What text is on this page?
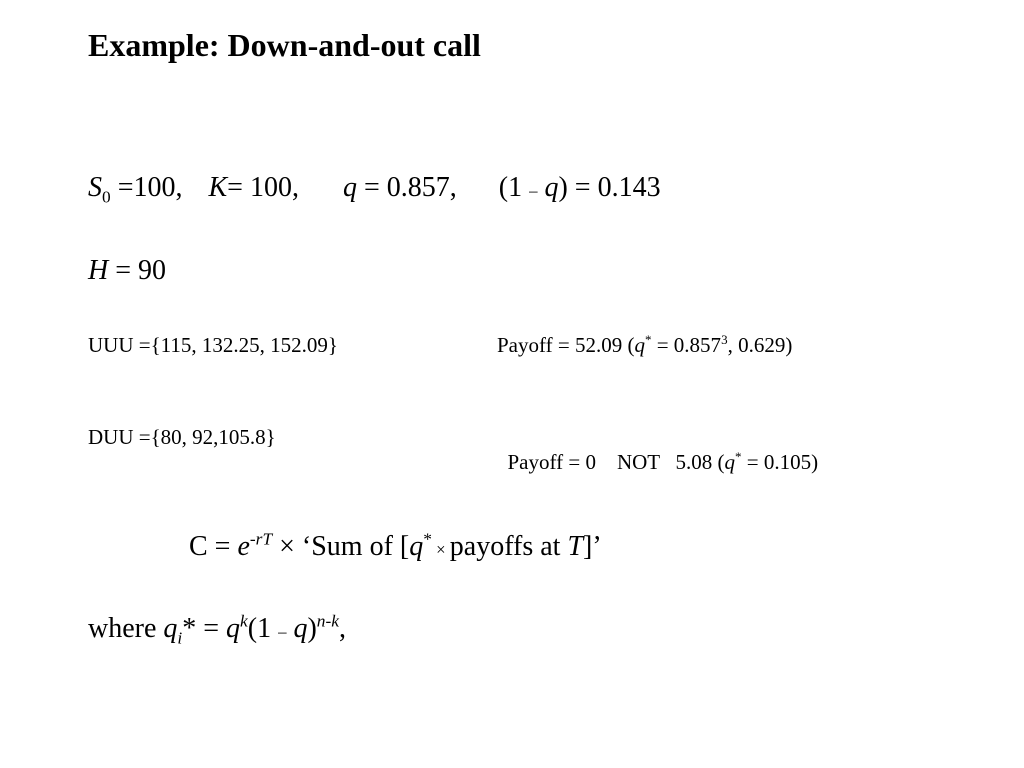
Example: Down-and-out call
$S_0 =100$, K= 100, q = 0.857, (1 – q) = 0.143
H = 90
UUU ={115, 132.25, 152.09}	Payoff = 52.09 ($q^* = 0.857^3$, 0.629)
DUU ={80, 92,105.8}

Payoff = 0    NOT   5.08 (q* = 0.105)

$C = e^{-rT}$ × ‘Sum of [q* × payoffs at T]’
where $q_i* = q^k(1 - q)^{n-k}$,
